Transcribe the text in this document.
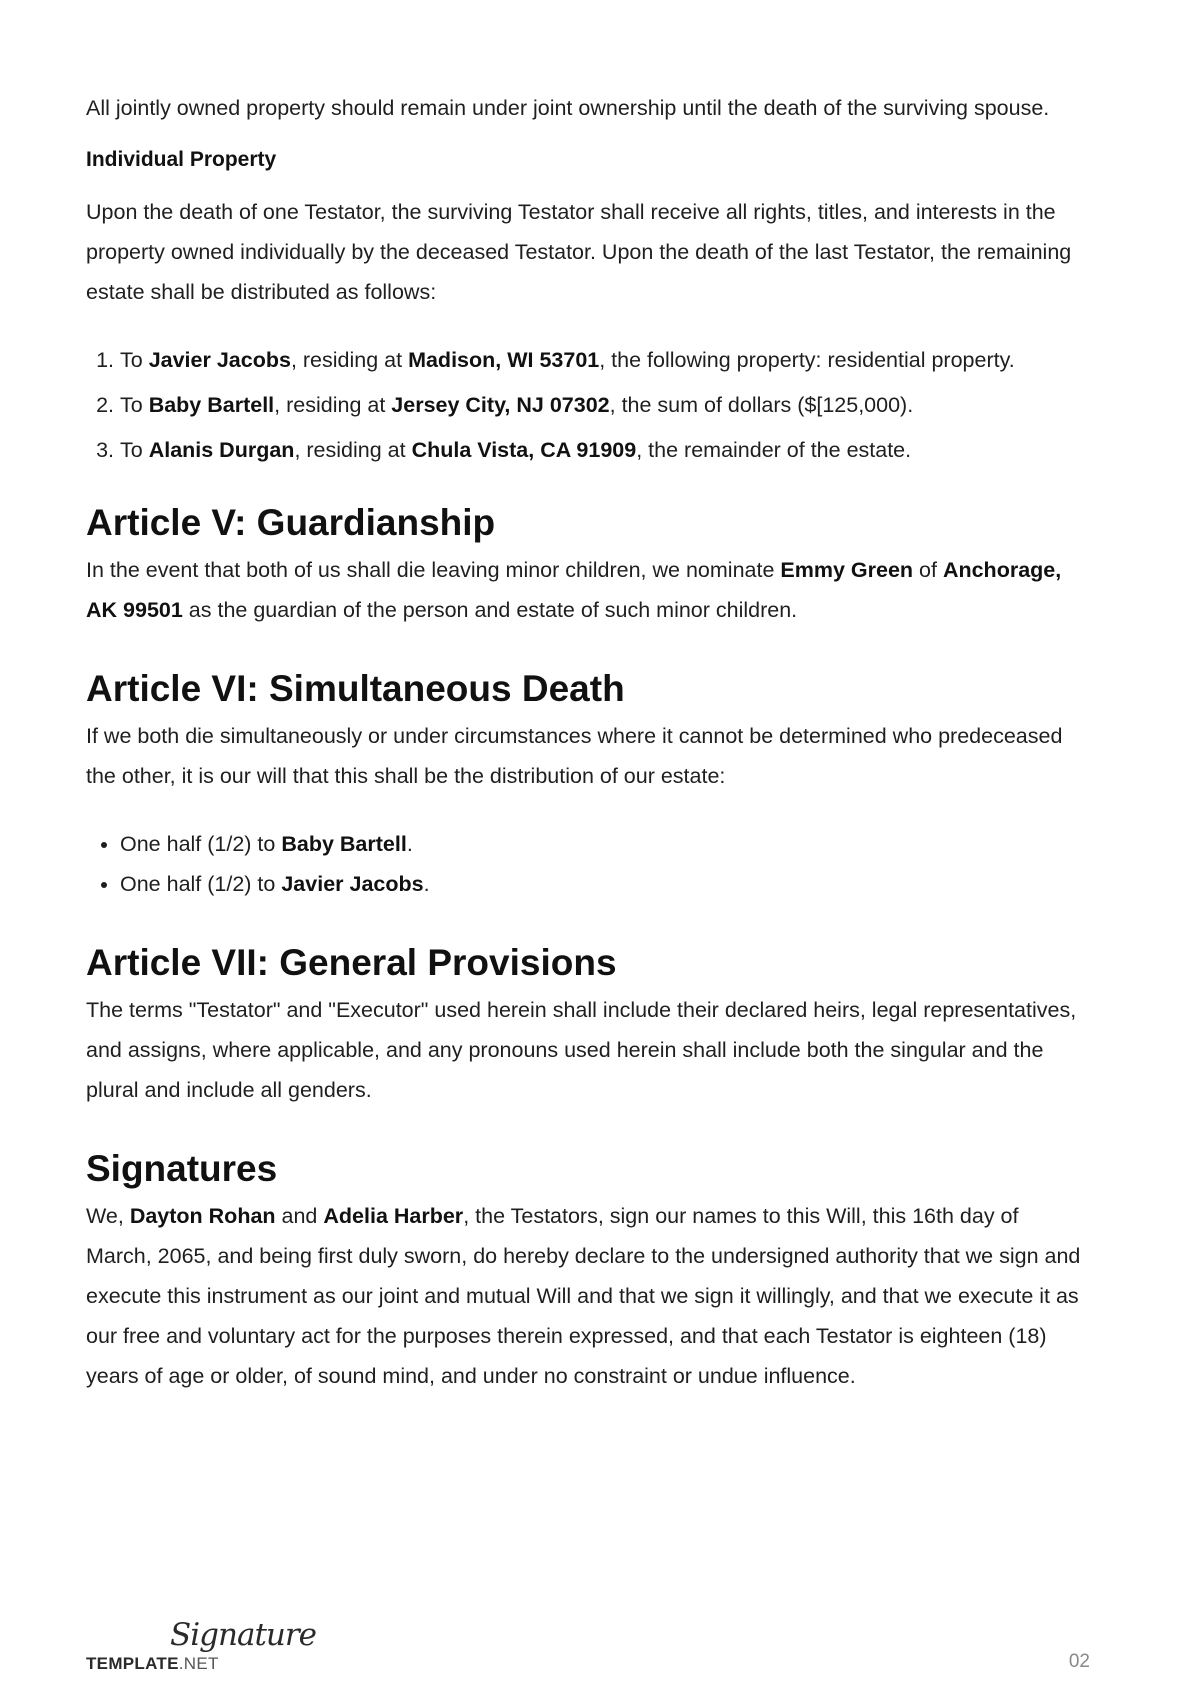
All jointly owned property should remain under joint ownership until the death of the surviving spouse.

Individual Property

Upon the death of one Testator, the surviving Testator shall receive all rights, titles, and interests in the property owned individually by the deceased Testator. Upon the death of the last Testator, the remaining estate shall be distributed as follows:

1. To Javier Jacobs, residing at Madison, WI 53701, the following property: residential property.
2. To Baby Bartell, residing at Jersey City, NJ 07302, the sum of dollars ($[125,000).
3. To Alanis Durgan, residing at Chula Vista, CA 91909, the remainder of the estate.
Article V: Guardianship

In the event that both of us shall die leaving minor children, we nominate Emmy Green of Anchorage, AK 99501 as the guardian of the person and estate of such minor children.

Article VI: Simultaneous Death

If we both die simultaneously or under circumstances where it cannot be determined who predeceased the other, it is our will that this shall be the distribution of our estate:

• One half (1/2) to Baby Bartell.
• One half (1/2) to Javier Jacobs.
Article VII: General Provisions

The terms "Testator" and "Executor" used herein shall include their declared heirs, legal representatives, and assigns, where applicable, and any pronouns used herein shall include both the singular and the plural and include all genders.

Signatures

We, Dayton Rohan and Adelia Harber, the Testators, sign our names to this Will, this 16th day of March, 2065, and being first duly sworn, do hereby declare to the undersigned authority that we sign and execute this instrument as our joint and mutual Will and that we sign it willingly, and that we execute it as our free and voluntary act for the purposes therein expressed, and that each Testator is eighteen (18) years of age or older, of sound mind, and under no constraint or undue influence.

Signature
TEMPLATE.NET	02
